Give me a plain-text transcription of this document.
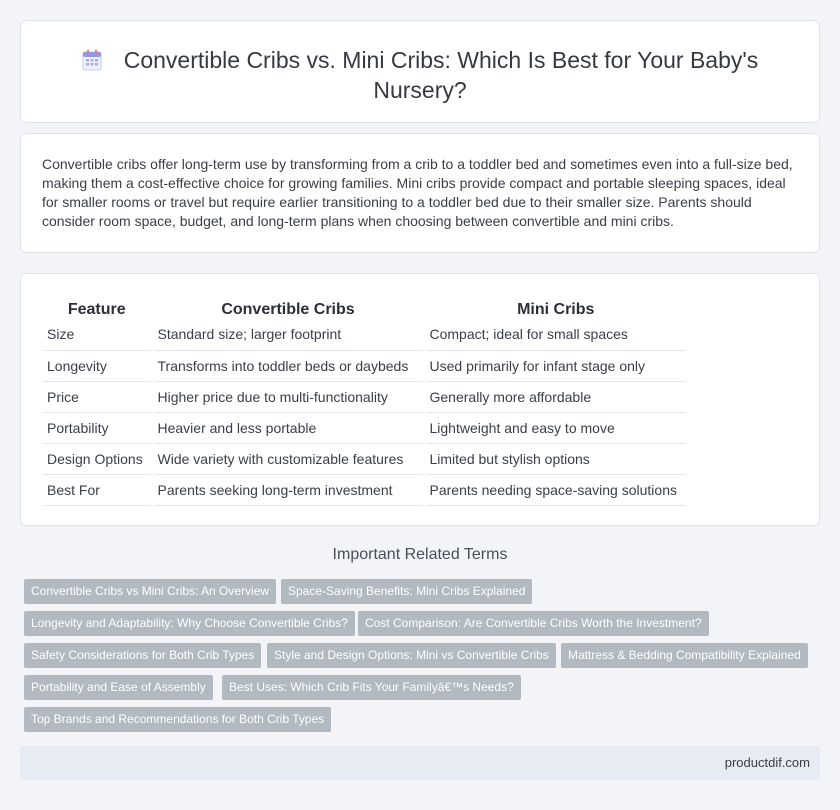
Convertible Cribs vs. Mini Cribs: Which Is Best for Your Baby's Nursery?

Convertible cribs offer long-term use by transforming from a crib to a toddler bed and sometimes even into a full-size bed, making them a cost-effective choice for growing families. Mini cribs provide compact and portable sleeping spaces, ideal for smaller rooms or travel but require earlier transitioning to a toddler bed due to their smaller size. Parents should consider room space, budget, and long-term plans when choosing between convertible and mini cribs.

Feature	Convertible Cribs	Mini Cribs
Size	Standard size; larger footprint	Compact; ideal for small spaces
Longevity	Transforms into toddler beds or daybeds	Used primarily for infant stage only
Price	Higher price due to multi-functionality	Generally more affordable
Portability	Heavier and less portable	Lightweight and easy to move
Design Options	Wide variety with customizable features	Limited but stylish options
Best For	Parents seeking long-term investment	Parents needing space-saving solutions
Important Related Terms
Convertible Cribs vs Mini Cribs: An Overview	Space-Saving Benefits: Mini Cribs Explained
Longevity and Adaptability: Why Choose Convertible Cribs?	Cost Comparison: Are Convertible Cribs Worth the Investment?
Safety Considerations for Both Crib Types	Style and Design Options: Mini vs Convertible Cribs	Mattress & Bedding Compatibility Explained
Portability and Ease of Assembly	Best Uses: Which Crib Fits Your Familyâ€™s Needs?
Top Brands and Recommendations for Both Crib Types
productdif.com
